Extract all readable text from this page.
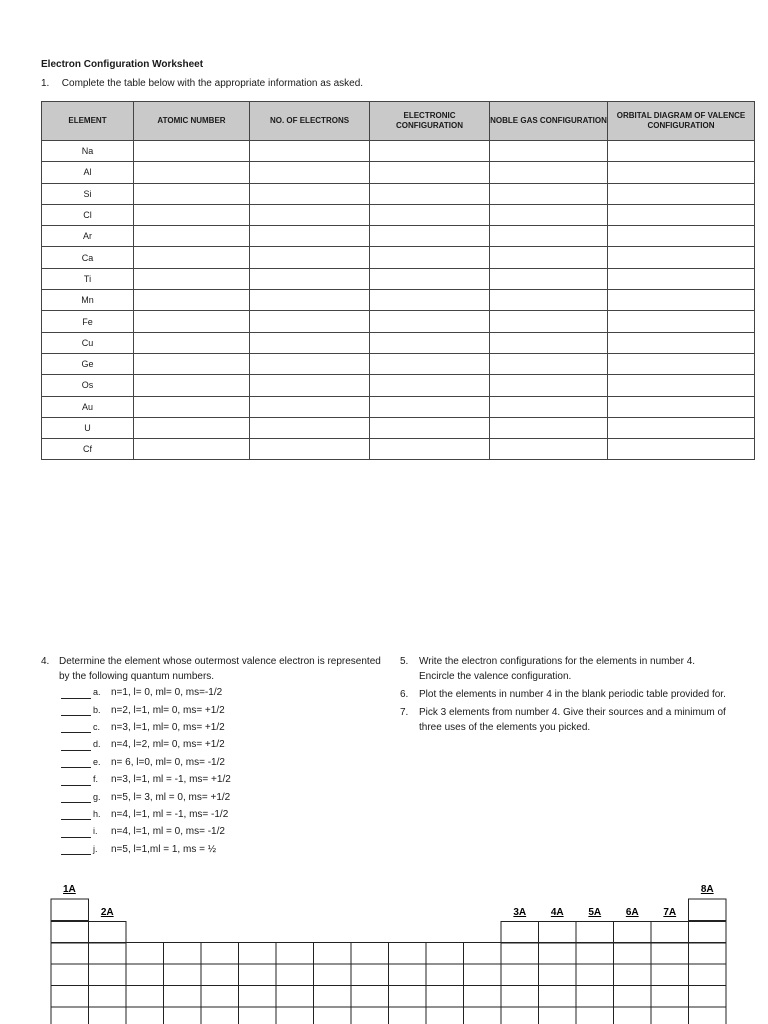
Electron Configuration Worksheet
1. Complete the table below with the appropriate information as asked.
ELEMENT	ATOMIC NUMBER	NO. OF ELECTRONS	ELECTRONIC CONFIGURATION	NOBLE GAS CONFIGURATION	ORBITAL DIAGRAM OF VALENCE CONFIGURATION
Na					
Al					
Si					
Cl					
Ar					
Ca					
Ti					
Mn					
Fe					
Cu					
Ge					
Os					
Au					
U					
Cf					
4. Determine the element whose outermost valence electron is represented by the following quantum numbers.
a.	n=1, l= 0, ml= 0, ms=-1/2
b.	n=2, l=1, ml= 0, ms= +1/2
c.	n=3, l=1, ml= 0, ms= +1/2
d.	n=4, l=2, ml= 0, ms= +1/2
e.	n= 6, l=0, ml= 0, ms= -1/2
f.	n=3, l=1, ml = -1, ms= +1/2
g.	n=5, l= 3, ml = 0, ms= +1/2
h.	n=4, l=1, ml = -1, ms= -1/2
i.	n=4, l=1, ml = 0, ms= -1/2
j.	n=5, l=1,ml = 1, ms = ½
5.	Write the electron configurations for the elements in number 4. Encircle the valence configuration.
6.	Plot the elements in number 4 in the blank periodic table provided for.
7.	Pick 3 elements from number 4. Give their sources and a minimum of three uses of the elements you picked.
1A
2A	3A 4A 5A 6A 7A
8A
